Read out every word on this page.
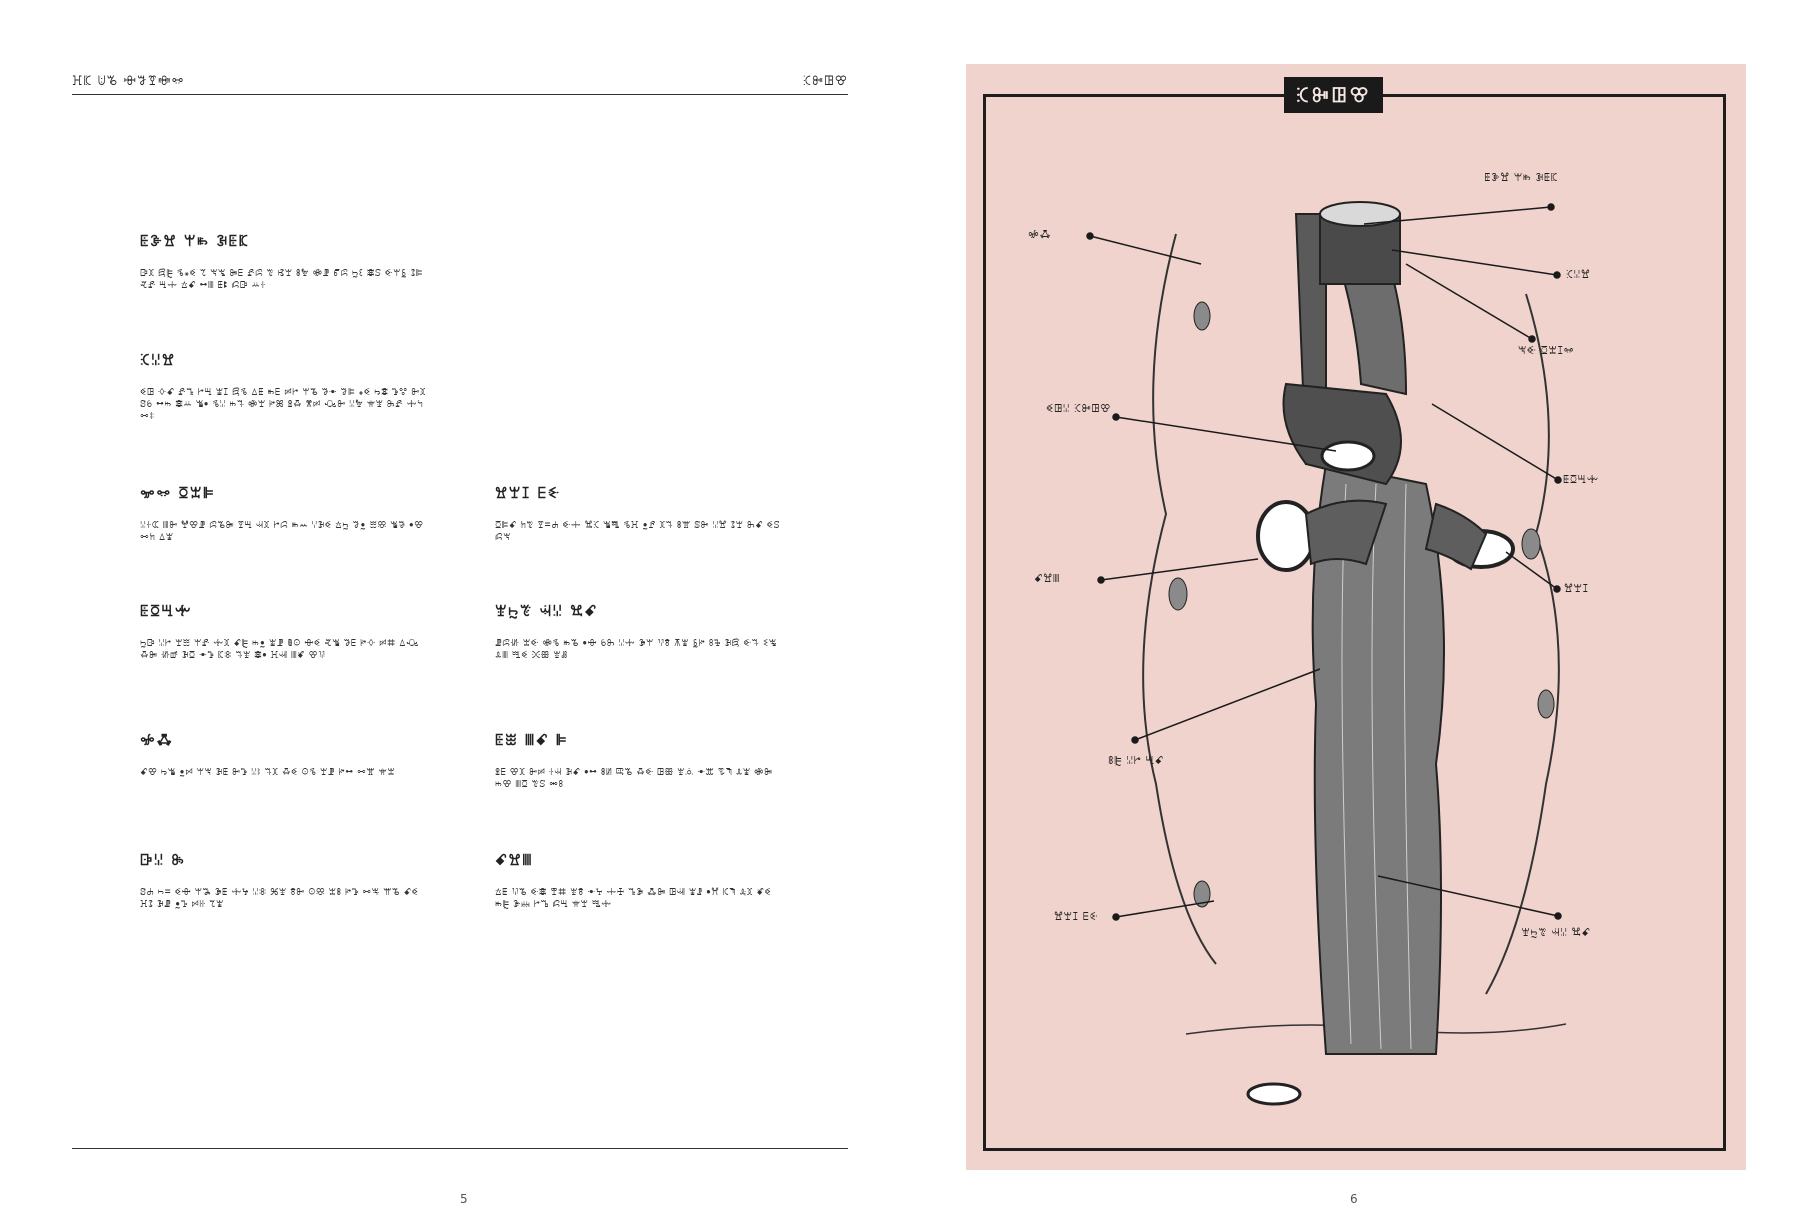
ꖾꗫ ꖹꘋ ꗳꗌꗑꗴꗭ	ꕿꔻꖸꕢ
ꗍꘀꖏ ꕚꖳ ꘂꗍꗫ

ꕒꘉ ꗛꕟ ꕦ꘎ꔽ ꕎ ꖙꖚ ꔼꗋ ꗖꕸ ꔴ ꕙꘃ ꗚꖠ ꗂꗘ ꔿꕸ ꖩꘓ ꗶꕶ ꔾꕚꗐ ꕘꕞ ꕩꗖ ꖇꗻ ꕖꗃ ꕹꘈ ꗍꔪ ꗲꕒ ꕁꖌ

ꕿꗹꖏ

ꔽꖸ ꕻꗃ ꗖꕏ ꔵꖇ ꘅꕯ ꗛꕦ ꕔꗍ ꖰꗋ ꗰꔵ ꕚꘋ ꖃꔹ ꗌꕞ ꘎ꔽ ꖫꗵ ꕲꖜ ꔻꘉ ꗟꕃ ꕹꖪ ꗶꕁ ꘊꔷ ꕦꗹ ꖱꕐ ꗂꘃ ꔶꕤ ꖵꗇ ꕨꗰ ꘐꔻ ꗹꖠ ꕍꘄ ꖞꗖ ꔺꕪ ꗬꖋ

ꗁꗭ ꗞꘇꕞ

ꗹꖌꕆ ꘈꔻ ꖡꕢꗘ ꕸꘋꔼ ꗑꖇ ꕜꘉ ꔵꗱ ꖲꕀ ꗷꘂꔽ ꕖꖩ ꗌꔸ ꖿꕣ ꘊꗎ ꔷꕢ ꗬꖷ ꕔꘆ

ꖏꘃꕯ ꗋꗩ

ꗞꕞꗃ ꖷꔴ ꗑꘌꕈ ꔾꗻ ꖐꕿ ꘊꗀ ꕦꖾ ꔸꗓ ꘉꕐ ꗚꖂ ꕷꔻ ꗹꖏ ꕘꘃ ꖝꗃ ꔽꕶ ꗲꖙ

ꗍꗞꖇꔺ

ꖩꕒ ꗹꔵ ꘃꖿ ꕚꗖ ꔺꘉ ꗃꕟ ꖱꔸ ꘅꗘ ꕇꖴ ꗳꔽ ꕩꘊ ꖃꗋ ꔶꕻ ꗰꖛ ꕔꘐ ꗇꔼ ꖧꕡ ꘂꗞ ꔹꕲ ꗫꖊ ꕐꘄ ꗶꔷ ꖾꕝ ꘈꗄ ꕢꖭ

ꘄꖩꔴ ꕜꗹ ꖐꗃ

ꗙꕸꖧ ꘇꔾ ꗂꕦ ꖰꘋ ꔷꗳ ꕃꖝ ꗹꔺ ꘁꕚ ꖬꗉ ꕧꘆ ꗐꔶ ꖉꕳ ꘂꗛ ꔾꕐ ꗨꖖ ꕊꘈ ꗅꔽ ꖻꕥ ꘄꗡ

ꖣꗈ

ꗃꕢ ꖫꘊ ꔸꗯ ꕚꖙ ꘂꗍ ꔻꕲ ꗹꖎ ꕐꘉ ꗇꔽ ꖴꕦ ꘃꗘ ꔶꕹ ꗬꖂ ꕍꘇ

ꗍꖿ ꘈꗃ ꕞ

ꖵꗋ ꕢꘉ ꔻꗰ ꖌꕜ ꘂꗃ ꔷꕹ ꗚꖦ ꕓꘋ ꗇꔾ ꖸꕥ ꘄꗝ ꔹꕭ ꗧꖑ ꕊꘆ ꗂꔼ ꖱꕢ ꘈꗞ ꔴꕶ ꗮꖉ

ꕒꗹ ꖞ

ꗟꕈ ꖨꘌ ꔽꗳ ꕚꖓ ꘁꗍ ꔺꕵ ꗹꖊ ꕑꘄ ꗉꔻ ꖴꕣ ꘇꗚ ꔶꕲ ꗬꖕ ꕌꘋ ꗃꔽ ꖾꕘ ꘂꗙ ꔸꕱ ꗯꖍ ꕎꘆ

ꗃꖏꘈ

ꕖꗍ ꖭꘋ ꔾꗶ ꕛꖛ ꘄꗉ ꔹꕴ ꗻꖅ ꕏꘁ ꗈꔼ ꖸꕝ ꘆꗗ ꔷꕮ ꗪꖑ ꕋꘉ ꗄꔽ ꖰꕟ ꘀꗜ ꔵꕰ ꗲꖇ ꕍꘃ ꗆꔺ

5
ꕿꔻꖸꕢ
ꗍꘀꖏ ꕚꖳ ꘂꗍꗫ
ꖣꗈ
ꕿꗹꖏ
ꖙꔾ ꗞꘇꕯꗭ
ꔽꖸꗹ ꕿꔻꖸꕢ
ꗍꗞꖇꔺ
ꗃꖏꘈ
ꖏꘃꕯ
ꗚꕟ ꗹꔵ ꖇꗃ
ꖏꘃꕯ ꗋꗩ
ꘄꖩꔴ ꕜꗹ ꖐꗃ
6
